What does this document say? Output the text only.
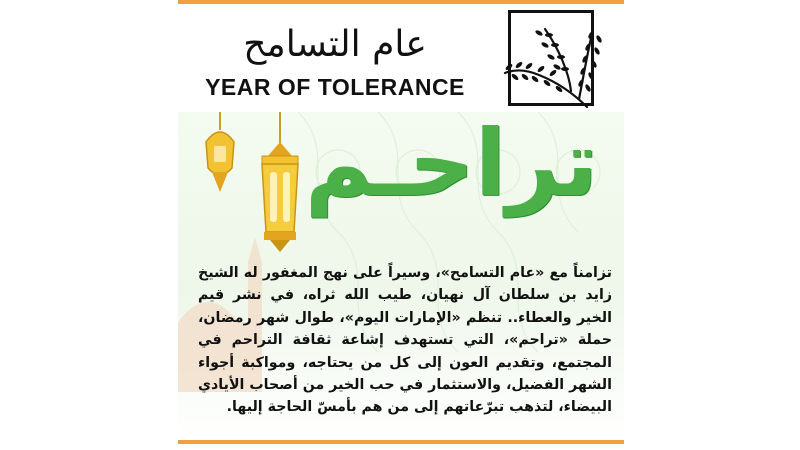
عام التسامح
YEAR OF TOLERANCE
تراحـم
تزامناً مع «عام التسامح»، وسيراً على نهج المغفور له الشيخ زايد بن سلطان آل نهيان، طيب الله ثراه، في نشر قيم الخير والعطاء.. تنظم «الإمارات اليوم»، طوال شهر رمضان، حملة «تراحم»، التي تستهدف إشاعة ثقافة التراحم في المجتمع، وتقديم العون إلى كل من يحتاجه، ومواكبة أجواء الشهر الفضيل، والاستثمار في حب الخير من أصحاب الأيادي البيضاء، لتذهب تبرّعاتهم إلى من هم بأمسّ الحاجة إليها.
